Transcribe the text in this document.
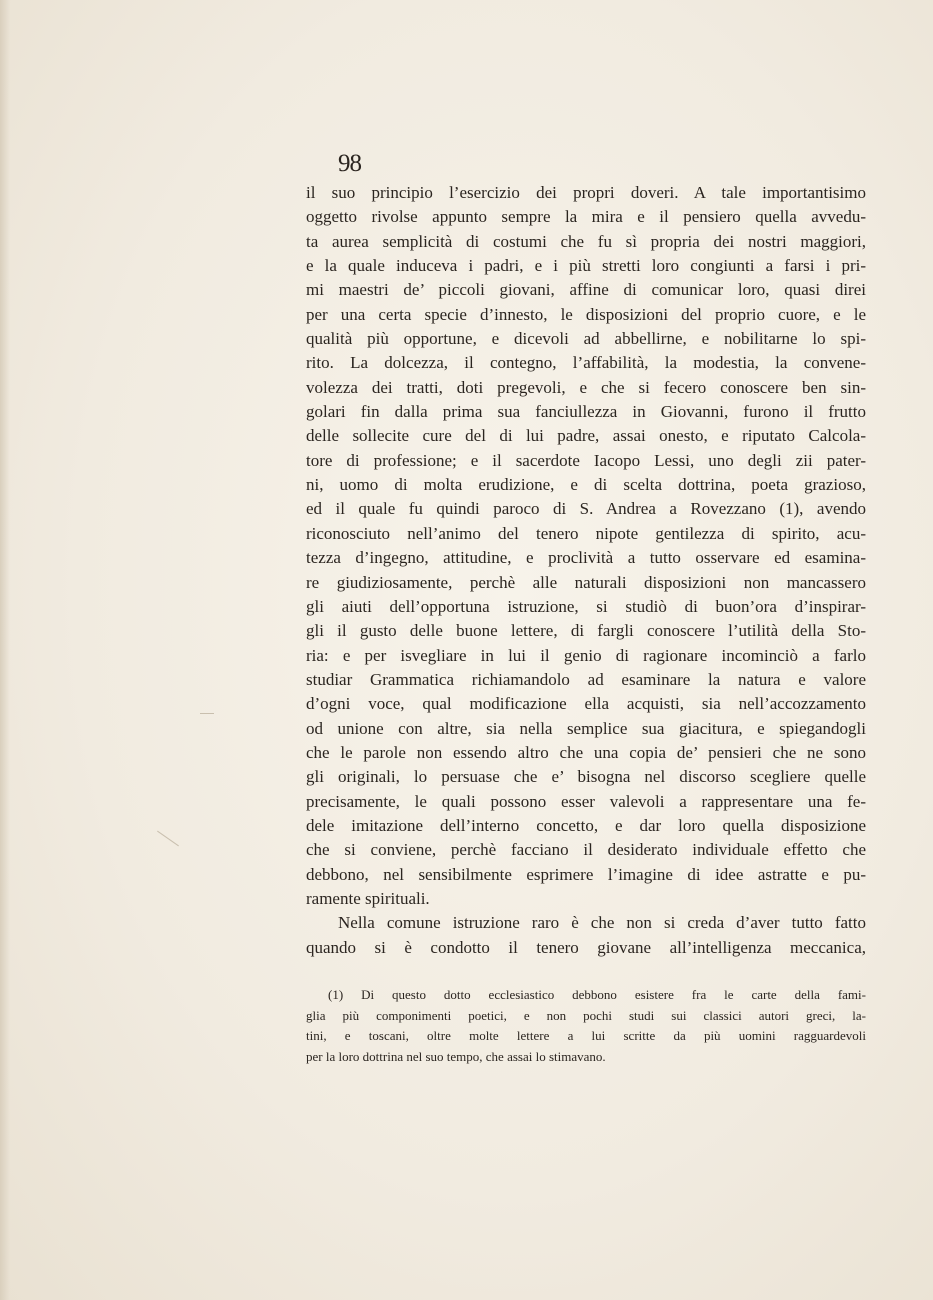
98
il suo principio l’esercizio dei propri doveri. A tale importantisimo
oggetto rivolse appunto sempre la mira e il pensiero quella avvedu-
ta aurea semplicità di costumi che fu sì propria dei nostri maggiori,
e la quale induceva i padri, e i più stretti loro congiunti a farsi i pri-
mi maestri de’ piccoli giovani, affine di comunicar loro, quasi direi
per una certa specie d’innesto, le disposizioni del proprio cuore, e le
qualità più opportune, e dicevoli ad abbellirne, e nobilitarne lo spi-
rito. La dolcezza, il contegno, l’affabilità, la modestia, la convene-
volezza dei tratti, doti pregevoli, e che si fecero conoscere ben sin-
golari fin dalla prima sua fanciullezza in Giovanni, furono il frutto
delle sollecite cure del di lui padre, assai onesto, e riputato Calcola-
tore di professione; e il sacerdote Iacopo Lessi, uno degli zii pater-
ni, uomo di molta erudizione, e di scelta dottrina, poeta grazioso,
ed il quale fu quindi paroco di S. Andrea a Rovezzano (1), avendo
riconosciuto nell’animo del tenero nipote gentilezza di spirito, acu-
tezza d’ingegno, attitudine, e proclività a tutto osservare ed esamina-
re giudiziosamente, perchè alle naturali disposizioni non mancassero
gli aiuti dell’opportuna istruzione, si studiò di buon’ora d’inspirar-
gli il gusto delle buone lettere, di fargli conoscere l’utilità della Sto-
ria: e per isvegliare in lui il genio di ragionare incominciò a farlo
studiar Grammatica richiamandolo ad esaminare la natura e valore
d’ogni voce, qual modificazione ella acquisti, sia nell’accozzamento
od unione con altre, sia nella semplice sua giacitura, e spiegandogli
che le parole non essendo altro che una copia de’ pensieri che ne sono
gli originali, lo persuase che e’ bisogna nel discorso scegliere quelle
precisamente, le quali possono esser valevoli a rappresentare una fe-
dele imitazione dell’interno concetto, e dar loro quella disposizione
che si conviene, perchè facciano il desiderato individuale effetto che
debbono, nel sensibilmente esprimere l’imagine di idee astratte e pu-
ramente spirituali.
Nella comune istruzione raro è che non si creda d’aver tutto fatto
quando si è condotto il tenero giovane all’intelligenza meccanica,
(1) Di questo dotto ecclesiastico debbono esistere fra le carte della fami-
glia più componimenti poetici, e non pochi studi sui classici autori greci, la-
tini, e toscani, oltre molte lettere a lui scritte da più uomini ragguardevoli
per la loro dottrina nel suo tempo, che assai lo stimavano.
